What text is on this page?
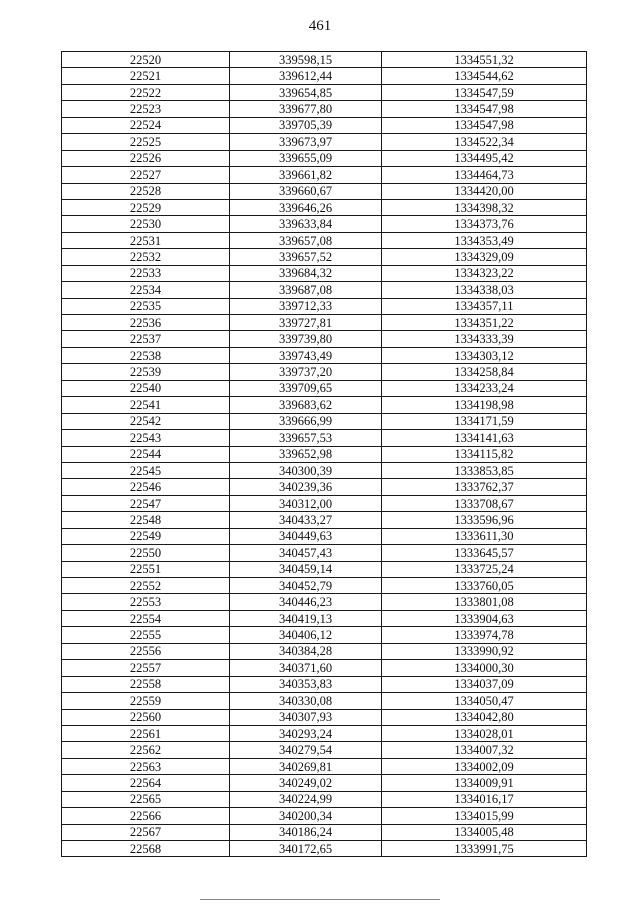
461
22520	339598,15	1334551,32
22521	339612,44	1334544,62
22522	339654,85	1334547,59
22523	339677,80	1334547,98
22524	339705,39	1334547,98
22525	339673,97	1334522,34
22526	339655,09	1334495,42
22527	339661,82	1334464,73
22528	339660,67	1334420,00
22529	339646,26	1334398,32
22530	339633,84	1334373,76
22531	339657,08	1334353,49
22532	339657,52	1334329,09
22533	339684,32	1334323,22
22534	339687,08	1334338,03
22535	339712,33	1334357,11
22536	339727,81	1334351,22
22537	339739,80	1334333,39
22538	339743,49	1334303,12
22539	339737,20	1334258,84
22540	339709,65	1334233,24
22541	339683,62	1334198,98
22542	339666,99	1334171,59
22543	339657,53	1334141,63
22544	339652,98	1334115,82
22545	340300,39	1333853,85
22546	340239,36	1333762,37
22547	340312,00	1333708,67
22548	340433,27	1333596,96
22549	340449,63	1333611,30
22550	340457,43	1333645,57
22551	340459,14	1333725,24
22552	340452,79	1333760,05
22553	340446,23	1333801,08
22554	340419,13	1333904,63
22555	340406,12	1333974,78
22556	340384,28	1333990,92
22557	340371,60	1334000,30
22558	340353,83	1334037,09
22559	340330,08	1334050,47
22560	340307,93	1334042,80
22561	340293,24	1334028,01
22562	340279,54	1334007,32
22563	340269,81	1334002,09
22564	340249,02	1334009,91
22565	340224,99	1334016,17
22566	340200,34	1334015,99
22567	340186,24	1334005,48
22568	340172,65	1333991,75
